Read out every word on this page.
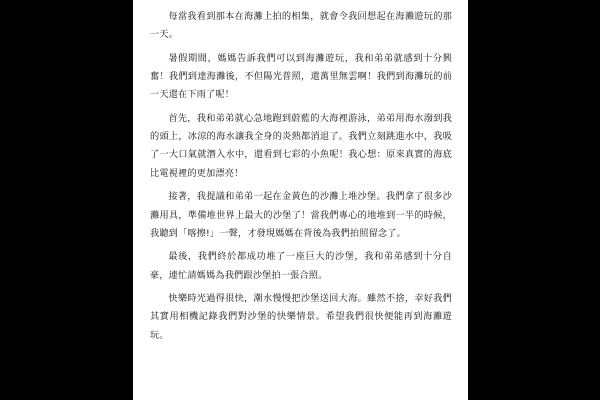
每當我看到那本在海灘上拍的相集，就會令我回想起在海灘遊玩的那一天。

暑假期間，媽媽告訴我們可以到海灘遊玩，我和弟弟就感到十分興奮！我們到達海灘後，不但陽光普照，還萬里無雲啊！我們到海灘玩的前一天還在下雨了呢！

首先，我和弟弟就心急地跑到蔚藍的大海裡游泳，弟弟用海水潑到我的頭上，冰涼的海水讓我全身的炎熱都消退了。我們立刻跳進水中，我吸了一大口氣就潛入水中，還看到七彩的小魚呢！我心想：原來真實的海底比電視裡的更加漂亮！

接著，我提議和弟弟一起在金黃色的沙灘上堆沙堡。我們拿了很多沙灘用具，準備堆世界上最大的沙堡了！當我們專心的地堆到一半的時候，我聽到「喀擦!」一聲，才發現媽媽在背後為我們拍照留念了。

最後，我們終於都成功堆了一座巨大的沙堡，我和弟弟感到十分自豪，連忙請媽媽為我們跟沙堡拍一張合照。

快樂時光過得很快，潮水慢慢把沙堡送回大海。雖然不捨，幸好我們其實用相機記錄我們對沙堡的快樂情景。希望我們很快便能再到海灘遊玩。
